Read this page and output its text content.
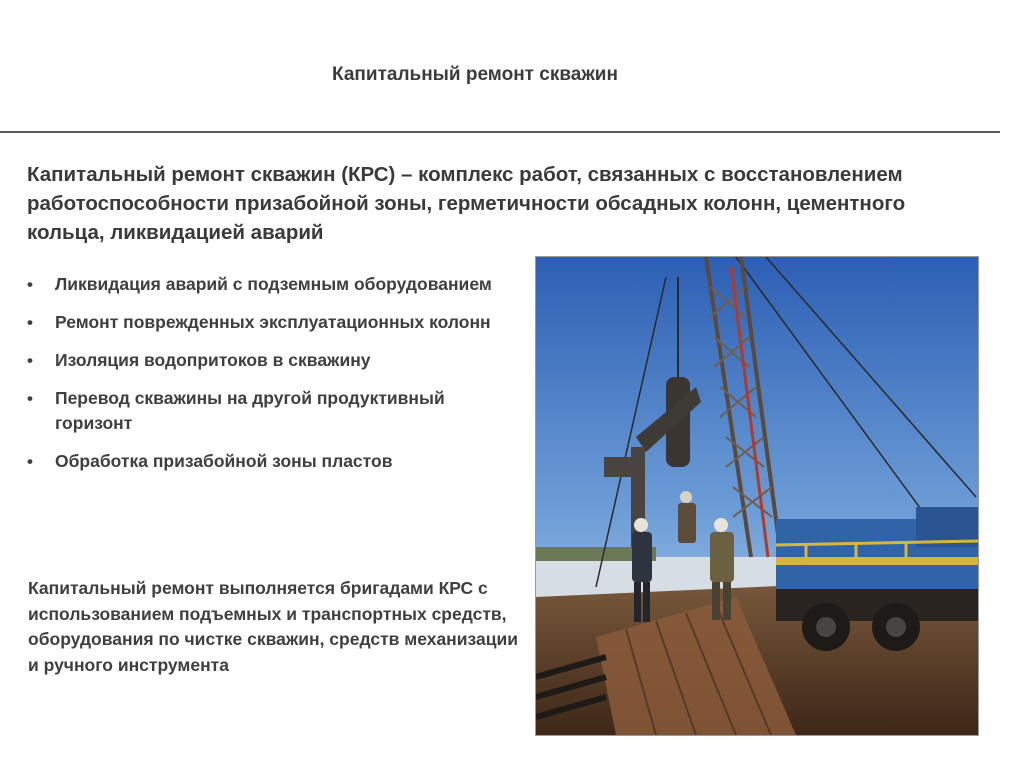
Капитальный ремонт скважин

Капитальный ремонт скважин (КРС) – комплекс работ, связанных с восстановлением работоспособности призабойной зоны, герметичности обсадных колонн, цементного кольца, ликвидацией аварий

• Ликвидация аварий с подземным оборудованием
• Ремонт поврежденных эксплуатационных колонн
• Изоляция водопритоков в скважину
• Перевод скважины на другой продуктивный горизонт
• Обработка призабойной зоны пластов

Капитальный ремонт выполняется бригадами КРС с использованием подъемных и транспортных средств, оборудования по чистке скважин, средств механизации и ручного инструмента
